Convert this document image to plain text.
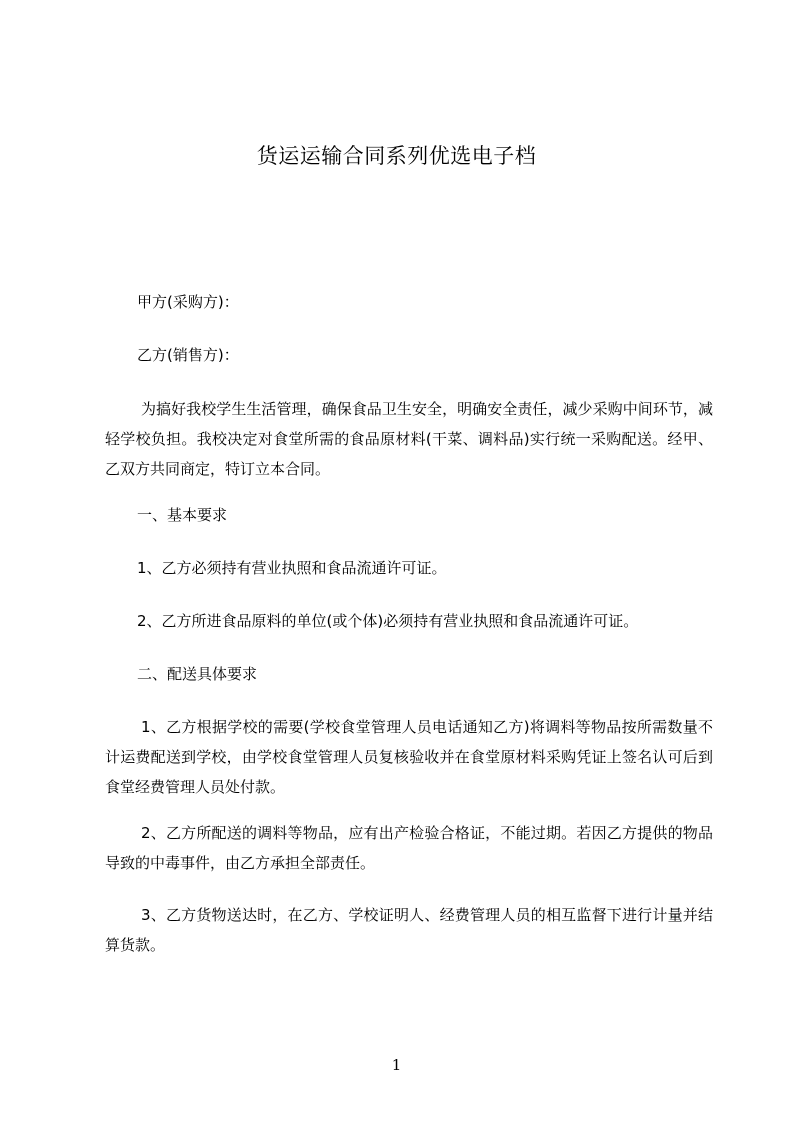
货运运输合同系列优选电子档
甲方(采购方)：
乙方(销售方)：
为搞好我校学生生活管理，确保食品卫生安全，明确安全责任，减少采购中间环节，减轻学校负担。我校决定对食堂所需的食品原材料(干菜、调料品)实行统一采购配送。经甲、乙双方共同商定，特订立本合同。
一、基本要求
1、乙方必须持有营业执照和食品流通许可证。
2、乙方所进食品原料的单位(或个体)必须持有营业执照和食品流通许可证。
二、配送具体要求
1、乙方根据学校的需要(学校食堂管理人员电话通知乙方)将调料等物品按所需数量不计运费配送到学校，由学校食堂管理人员复核验收并在食堂原材料采购凭证上签名认可后到食堂经费管理人员处付款。
2、乙方所配送的调料等物品，应有出产检验合格证，不能过期。若因乙方提供的物品导致的中毒事件，由乙方承担全部责任。
3、乙方货物送达时，在乙方、学校证明人、经费管理人员的相互监督下进行计量并结算货款。
1
